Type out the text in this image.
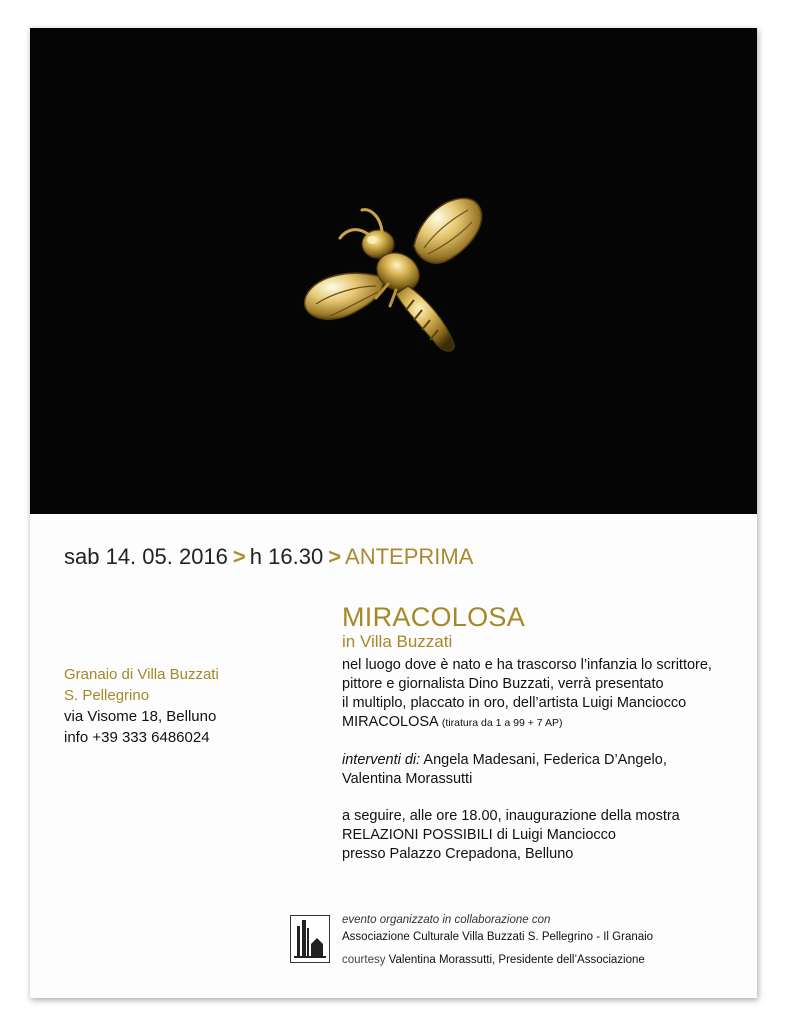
sab 14. 05. 2016 > h 16.30 > ANTEPRIMA
Granaio di Villa Buzzati
S. Pellegrino
via Visome 18, Belluno
info +39 333 6486024
MIRACOLOSA
in Villa Buzzati
nel luogo dove è nato e ha trascorso l’infanzia lo scrittore,
pittore e giornalista Dino Buzzati, verrà presentato
il multiplo, placcato in oro, dell’artista Luigi Manciocco
MIRACOLOSA (tiratura da 1 a 99 + 7 AP)
interventi di: Angela Madesani, Federica D’Angelo,
Valentina Morassutti
a seguire, alle ore 18.00, inaugurazione della mostra
RELAZIONI POSSIBILI di Luigi Manciocco
presso Palazzo Crepadona, Belluno
evento organizzato in collaborazione con
Associazione Culturale Villa Buzzati S. Pellegrino - Il Granaio
courtesy Valentina Morassutti, Presidente dell’Associazione
